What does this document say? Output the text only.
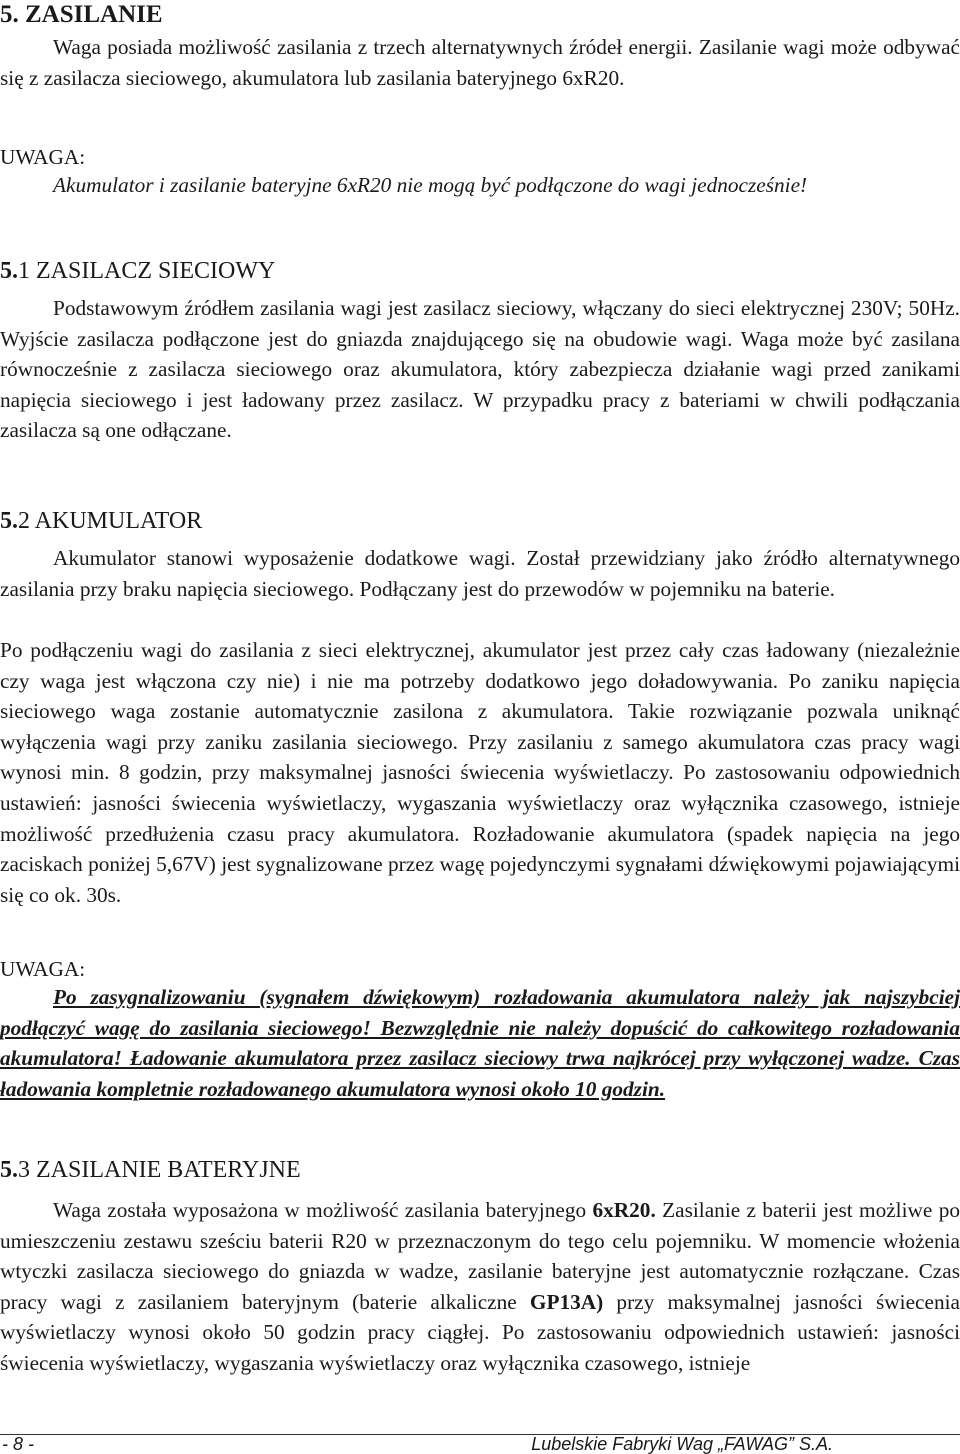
5. ZASILANIE
Waga posiada możliwość zasilania z trzech alternatywnych źródeł energii. Zasilanie wagi może odbywać się z zasilacza sieciowego, akumulatora lub zasilania bateryjnego 6xR20.
UWAGA:
Akumulator i zasilanie bateryjne 6xR20 nie mogą być podłączone do wagi jednocześnie!
5.1 ZASILACZ SIECIOWY
Podstawowym źródłem zasilania wagi jest zasilacz sieciowy, włączany do sieci elektrycznej 230V; 50Hz. Wyjście zasilacza podłączone jest do gniazda znajdującego się na obudowie wagi. Waga może być zasilana równocześnie z zasilacza sieciowego oraz akumulatora, który zabezpiecza działanie wagi przed zanikami napięcia sieciowego i jest ładowany przez zasilacz. W przypadku pracy z bateriami w chwili podłączania zasilacza są one odłączane.
5.2 AKUMULATOR
Akumulator stanowi wyposażenie dodatkowe wagi. Został przewidziany jako źródło alternatywnego zasilania przy braku napięcia sieciowego. Podłączany jest do przewodów w pojemniku na baterie.
Po podłączeniu wagi do zasilania z sieci elektrycznej, akumulator jest przez cały czas ładowany (niezależnie czy waga jest włączona czy nie) i nie ma potrzeby dodatkowo jego doładowywania. Po zaniku napięcia sieciowego waga zostanie automatycznie zasilona z akumulatora. Takie rozwiązanie pozwala uniknąć wyłączenia wagi przy zaniku zasilania sieciowego. Przy zasilaniu z samego akumulatora czas pracy wagi wynosi min. 8 godzin, przy maksymalnej jasności świecenia wyświetlaczy. Po zastosowaniu odpowiednich ustawień: jasności świecenia wyświetlaczy, wygaszania wyświetlaczy oraz wyłącznika czasowego, istnieje możliwość przedłużenia czasu pracy akumulatora. Rozładowanie akumulatora (spadek napięcia na jego zaciskach poniżej 5,67V) jest sygnalizowane przez wagę pojedynczymi sygnałami dźwiękowymi pojawiającymi się co ok. 30s.
UWAGA:
Po zasygnalizowaniu (sygnałem dźwiękowym) rozładowania akumulatora należy jak najszybciej podłączyć wagę do zasilania sieciowego! Bezwzględnie nie należy dopuścić do całkowitego rozładowania akumulatora! Ładowanie akumulatora przez zasilacz sieciowy trwa najkrócej przy wyłączonej wadze. Czas ładowania kompletnie rozładowanego akumulatora wynosi około 10 godzin.
5.3 ZASILANIE BATERYJNE
Waga została wyposażona w możliwość zasilania bateryjnego 6xR20. Zasilanie z baterii jest możliwe po umieszczeniu zestawu sześciu baterii R20 w przeznaczonym do tego celu pojemniku. W momencie włożenia wtyczki zasilacza sieciowego do gniazda w wadze, zasilanie bateryjne jest automatycznie rozłączane. Czas pracy wagi z zasilaniem bateryjnym (baterie alkaliczne GP13A) przy maksymalnej jasności świecenia wyświetlaczy wynosi około 50 godzin pracy ciągłej. Po zastosowaniu odpowiednich ustawień: jasności świecenia wyświetlaczy, wygaszania wyświetlaczy oraz wyłącznika czasowego, istnieje
- 8 -	Lubelskie Fabryki Wag „FAWAG” S.A.
